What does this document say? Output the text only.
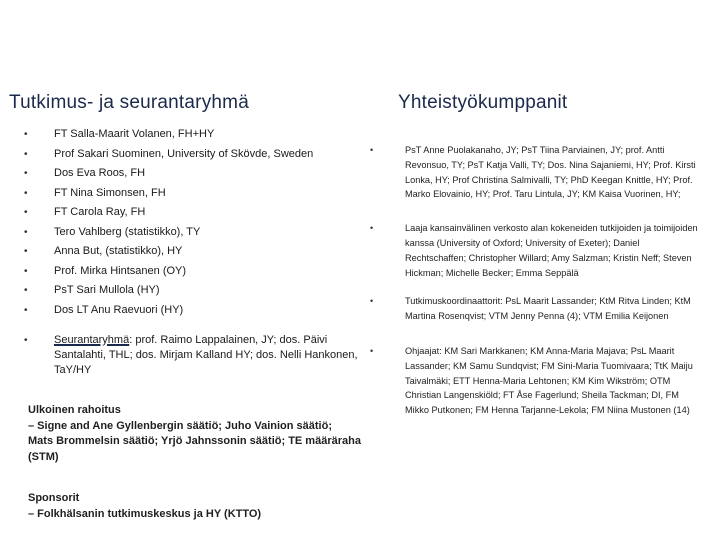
Tutkimus- ja seurantaryhmä	Yhteistyökumppanit
• FT Salla-Maarit Volanen, FH+HY
• Prof Sakari Suominen, University of Skövde, Sweden
• Dos Eva Roos, FH
• FT Nina Simonsen, FH
• FT Carola Ray, FH
• Tero Vahlberg (statistikko), TY
• Anna But, (statistikko), HY
• Prof. Mirka Hintsanen (OY)
• PsT Sari Mullola (HY)
• Dos LT Anu Raevuori (HY)
• Seurantaryhmä: prof. Raimo Lappalainen, JY; dos. Päivi Santalahti, THL; dos. Mirjam Kalland HY; dos. Nelli Hankonen, TaY/HY
Ulkoinen rahoitus
– Signe and Ane Gyllenbergin säätiö; Juho Vainion säätiö;
Mats Brommelsin säätiö; Yrjö Jahnssonin säätiö; TE määräraha (STM)
Sponsorit
– Folkhälsanin tutkimuskeskus ja HY (KTTO)
•	PsT Anne Puolakanaho, JY; PsT Tiina Parviainen, JY; prof. Antti Revonsuo, TY; PsT Katja Valli, TY; Dos. Nina Sajaniemi, HY; Prof. Kirsti Lonka, HY; Prof Christina Salmivalli, TY; PhD Keegan Knittle, HY; Prof. Marko Elovainio, HY; Prof. Taru Lintula, JY; KM Kaisa Vuorinen, HY;
•	Laaja kansainvälinen verkosto alan kokeneiden tutkijoiden ja toimijoiden kanssa (University of Oxford; University of Exeter); Daniel Rechtschaffen; Christopher Willard; Amy Salzman; Kristin Neff; Steven Hickman; Michelle Becker; Emma Seppälä
•	Tutkimuskoordinaattorit: PsL Maarit Lassander; KtM Ritva Linden; KtM Martina Rosenqvist; VTM Jenny Penna (4); VTM Emilia Keijonen
•	Ohjaajat: KM Sari Markkanen; KM Anna-Maria Majava; PsL Maarit Lassander; KM Samu Sundqvist; FM Sini-Maria Tuomivaara; TtK Maiju Taivalmäki; ETT Henna-Maria Lehtonen; KM Kim Wikström; OTM Christian Langenskiöld; FT Åse Fagerlund; Sheila Tackman; DI, FM Mikko Putkonen; FM Henna Tarjanne-Lekola; FM Niina Mustonen (14)
